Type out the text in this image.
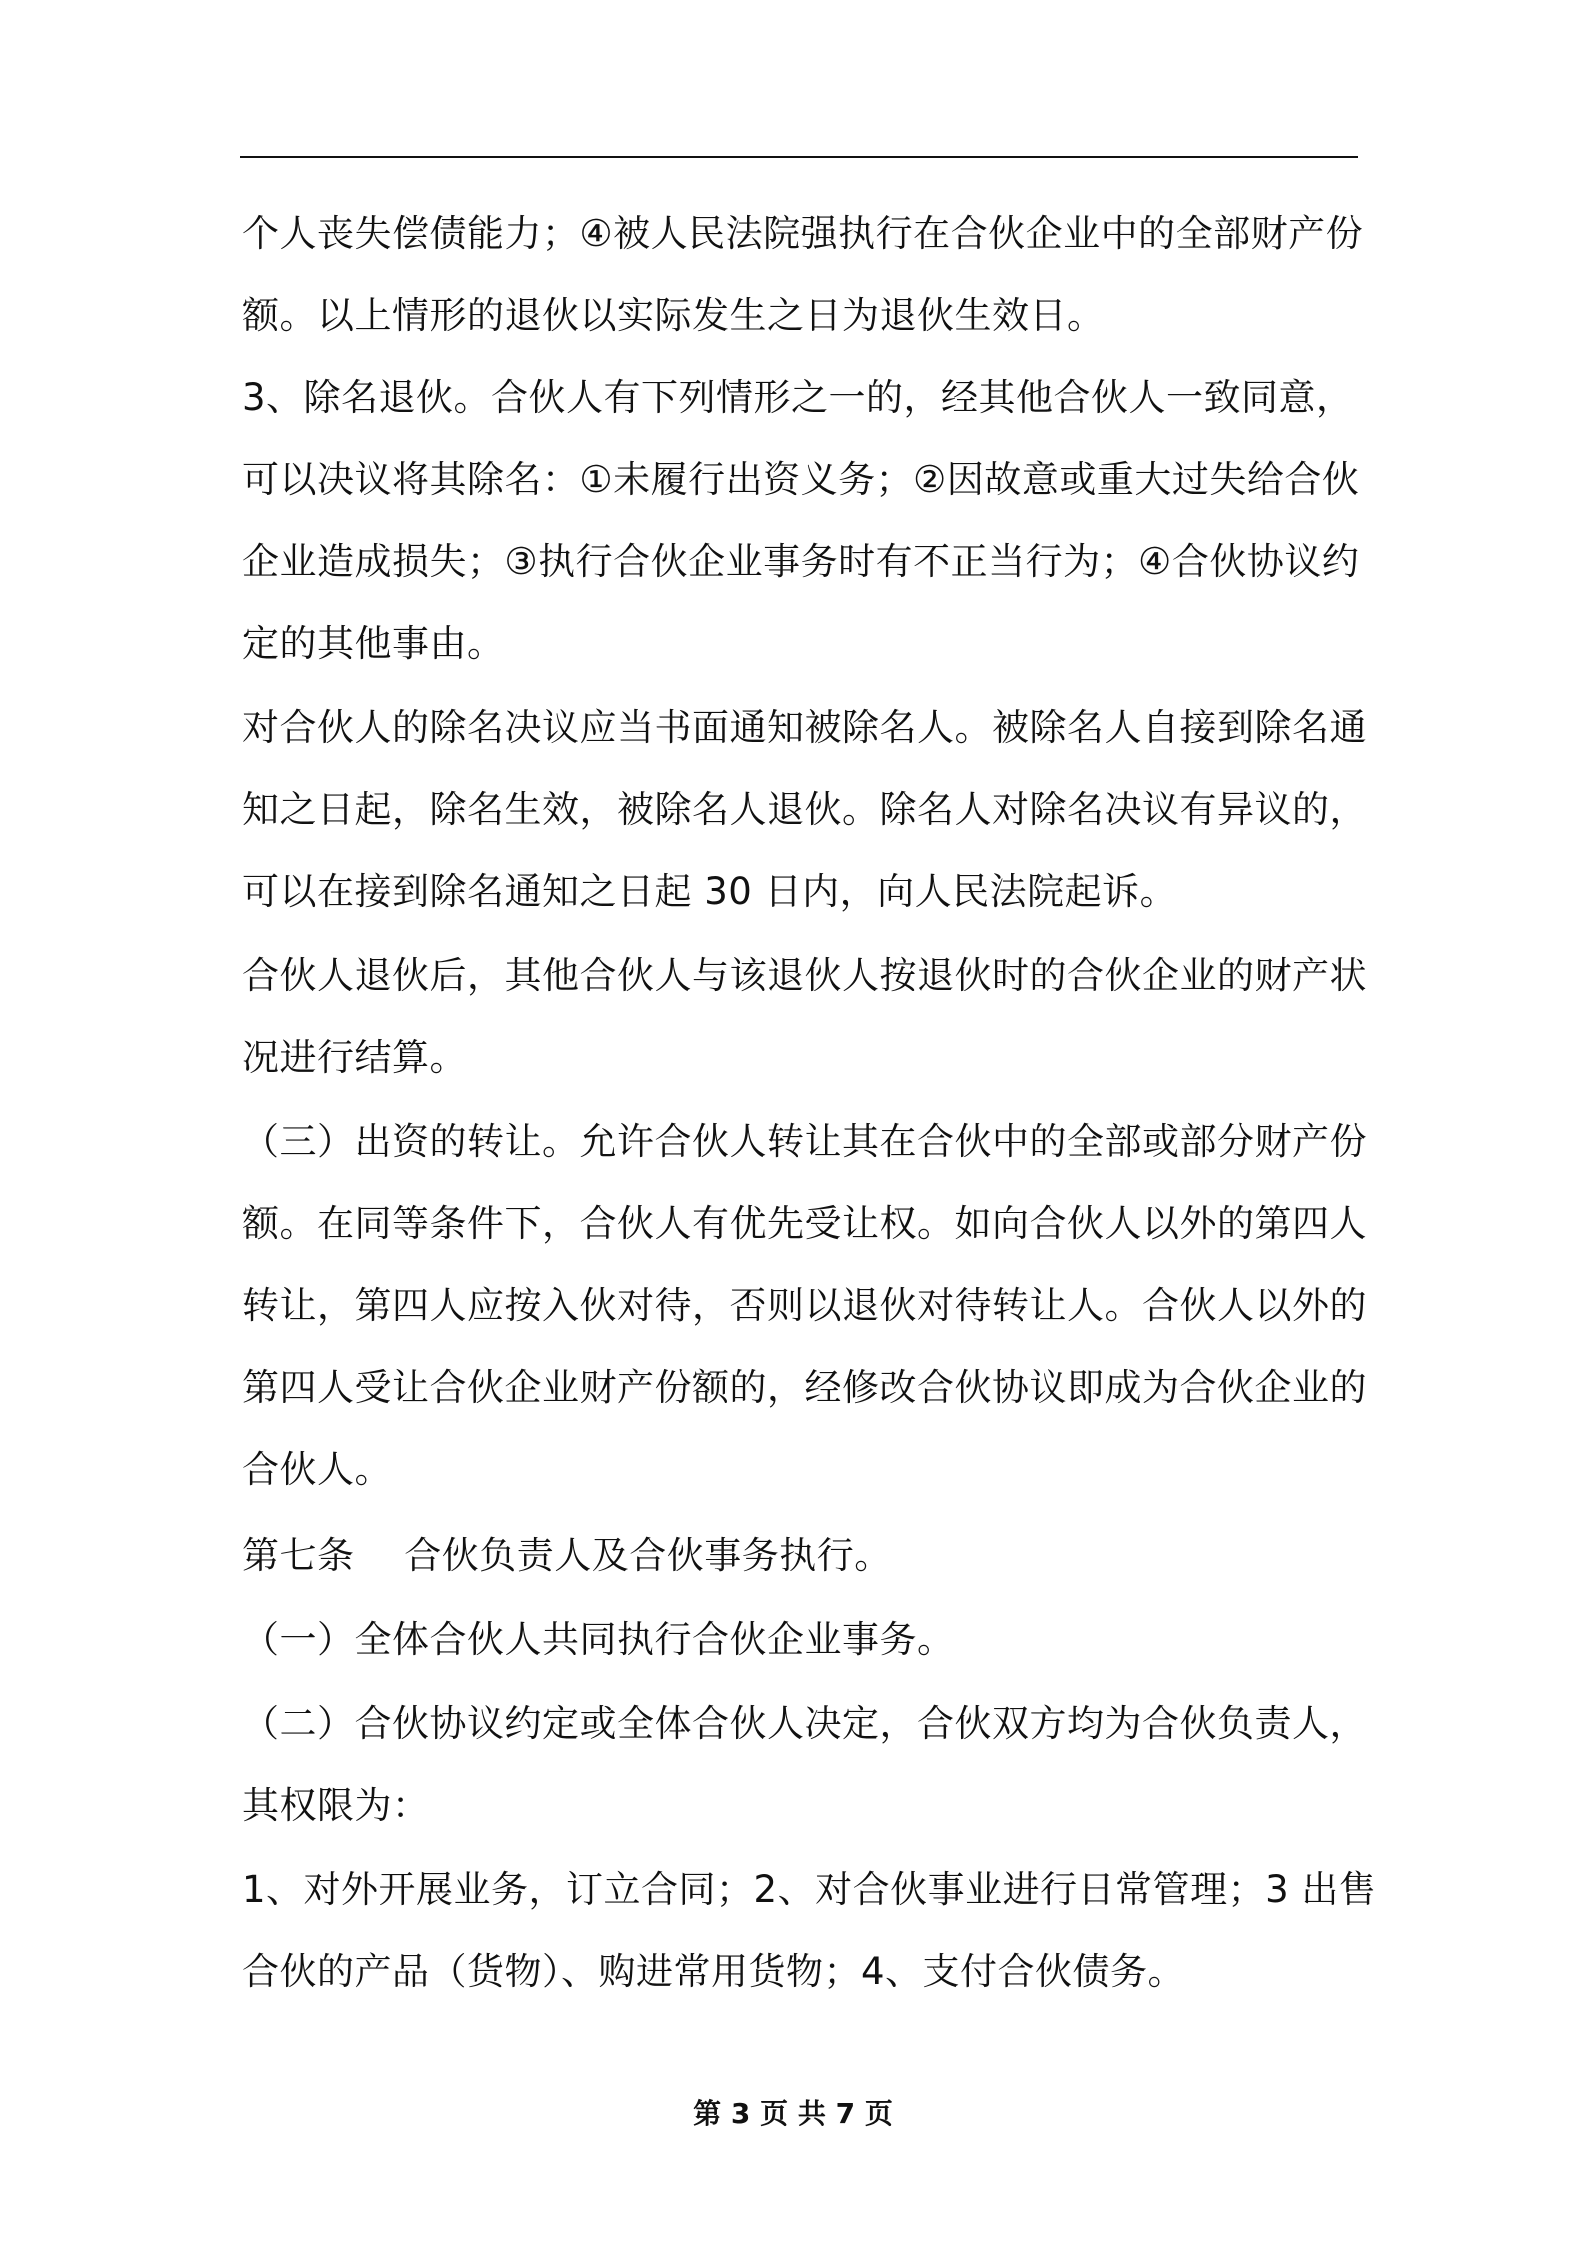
个人丧失偿债能力；④被人民法院强执行在合伙企业中的全部财产份

额。以上情形的退伙以实际发生之日为退伙生效日。

3、除名退伙。合伙人有下列情形之一的，经其他合伙人一致同意，

可以决议将其除名：①未履行出资义务；②因故意或重大过失给合伙

企业造成损失；③执行合伙企业事务时有不正当行为；④合伙协议约

定的其他事由。

对合伙人的除名决议应当书面通知被除名人。被除名人自接到除名通

知之日起，除名生效，被除名人退伙。除名人对除名决议有异议的，

可以在接到除名通知之日起 30 日内，向人民法院起诉。

合伙人退伙后，其他合伙人与该退伙人按退伙时的合伙企业的财产状

况进行结算。

（三）出资的转让。允许合伙人转让其在合伙中的全部或部分财产份

额。在同等条件下，合伙人有优先受让权。如向合伙人以外的第四人

转让，第四人应按入伙对待，否则以退伙对待转让人。合伙人以外的

第四人受让合伙企业财产份额的，经修改合伙协议即成为合伙企业的

合伙人。

第七条　 合伙负责人及合伙事务执行。

（一）全体合伙人共同执行合伙企业事务。

（二）合伙协议约定或全体合伙人决定，合伙双方均为合伙负责人，

其权限为：

1、对外开展业务，订立合同；2、对合伙事业进行日常管理；3 出售

合伙的产品（货物）、购进常用货物；4、支付合伙债务。

第 3 页 共 7 页
